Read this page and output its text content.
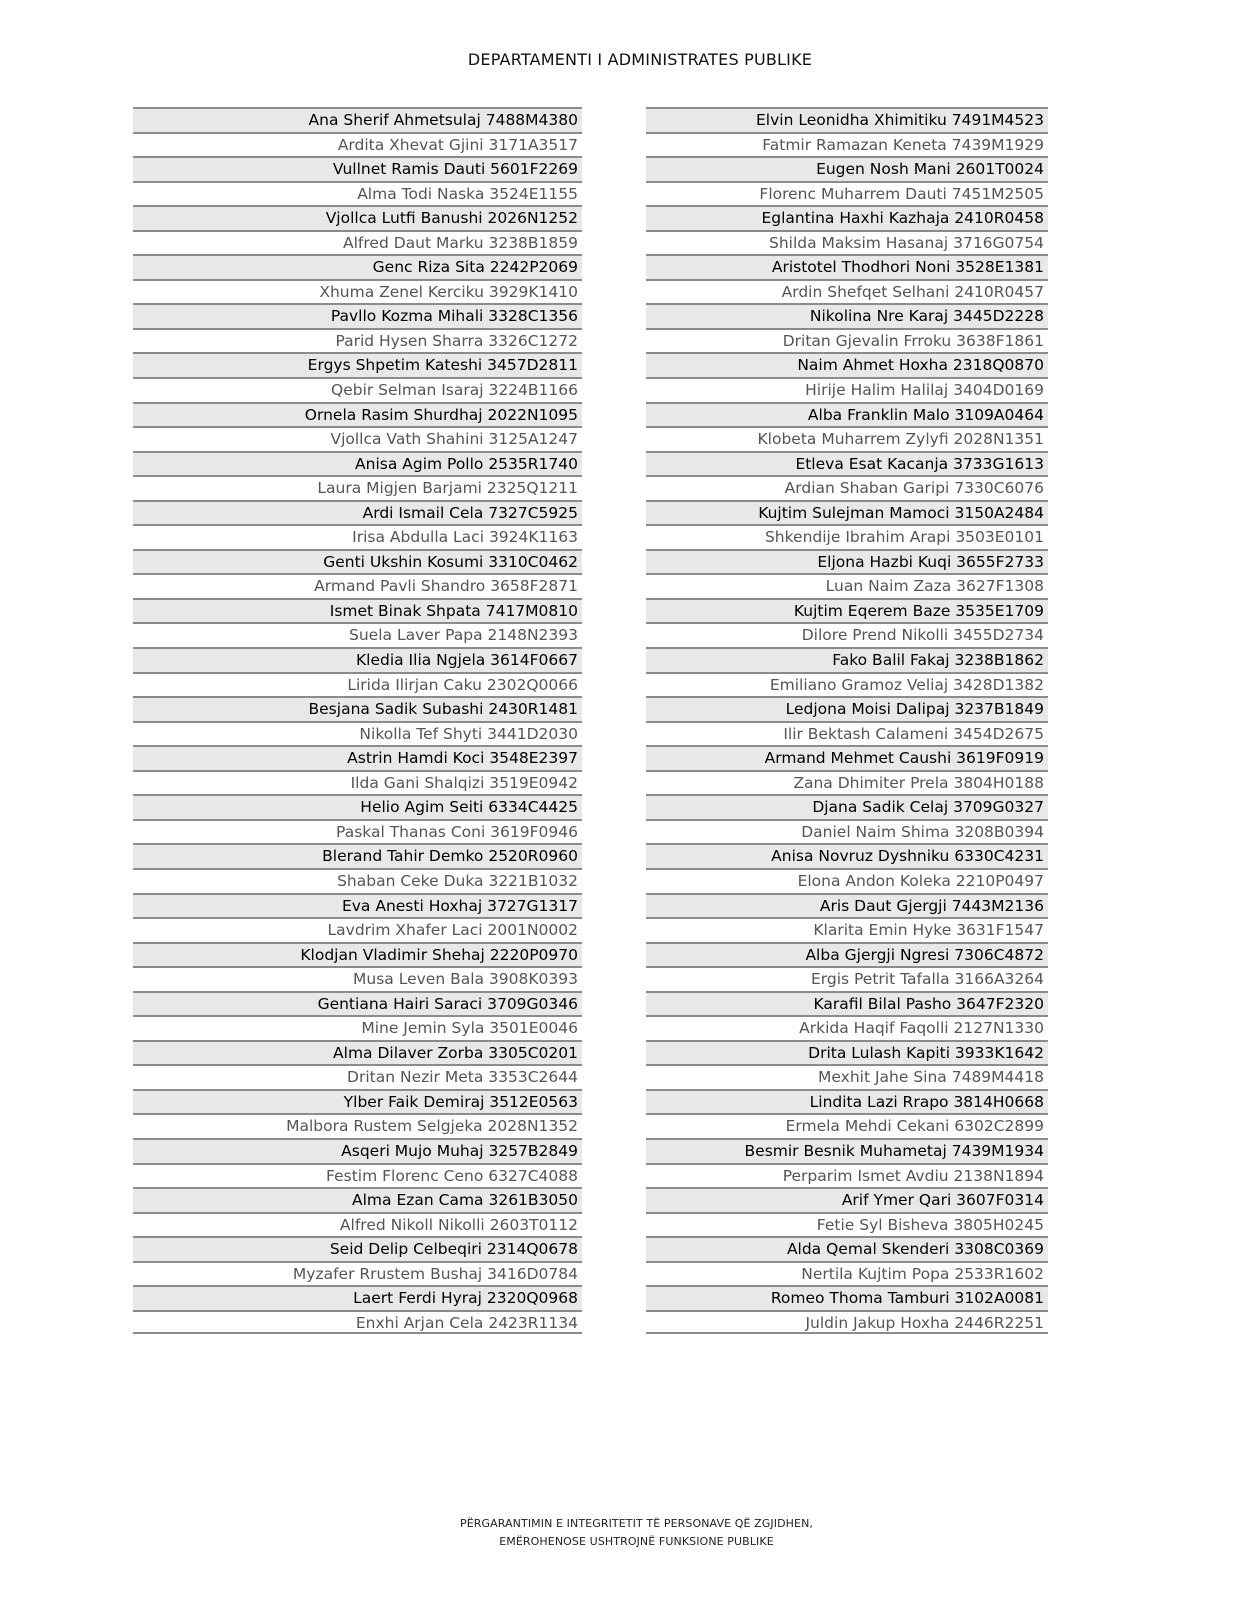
DEPARTAMENTI I ADMINISTRATES PUBLIKE
Ana Sherif Ahmetsulaj 7488M4380
Ardita Xhevat Gjini 3171A3517
Vullnet Ramis Dauti 5601F2269
Alma Todi Naska 3524E1155
Vjollca Lutfi Banushi 2026N1252
Alfred Daut Marku 3238B1859
Genc Riza Sita 2242P2069
Xhuma Zenel Kerciku 3929K1410
Pavllo Kozma Mihali 3328C1356
Parid Hysen Sharra 3326C1272
Ergys Shpetim Kateshi 3457D2811
Qebir Selman Isaraj 3224B1166
Ornela Rasim Shurdhaj 2022N1095
Vjollca Vath Shahini 3125A1247
Anisa Agim Pollo 2535R1740
Laura Migjen Barjami 2325Q1211
Ardi Ismail Cela 7327C5925
Irisa Abdulla Laci 3924K1163
Genti Ukshin Kosumi 3310C0462
Armand Pavli Shandro 3658F2871
Ismet Binak Shpata 7417M0810
Suela Laver Papa 2148N2393
Kledia Ilia Ngjela 3614F0667
Lirida Ilirjan Caku 2302Q0066
Besjana Sadik Subashi 2430R1481
Nikolla Tef Shyti 3441D2030
Astrin Hamdi Koci 3548E2397
Ilda Gani Shalqizi 3519E0942
Helio Agim Seiti 6334C4425
Paskal Thanas Coni 3619F0946
Blerand Tahir Demko 2520R0960
Shaban Ceke Duka 3221B1032
Eva Anesti Hoxhaj 3727G1317
Lavdrim Xhafer Laci 2001N0002
Klodjan Vladimir Shehaj 2220P0970
Musa Leven Bala 3908K0393
Gentiana Hairi Saraci 3709G0346
Mine Jemin Syla 3501E0046
Alma Dilaver Zorba 3305C0201
Dritan Nezir Meta 3353C2644
Ylber Faik Demiraj 3512E0563
Malbora Rustem Selgjeka 2028N1352
Asqeri Mujo Muhaj 3257B2849
Festim Florenc Ceno 6327C4088
Alma Ezan Cama 3261B3050
Alfred Nikoll Nikolli 2603T0112
Seid Delip Celbeqiri 2314Q0678
Myzafer Rrustem Bushaj 3416D0784
Laert Ferdi Hyraj 2320Q0968
Enxhi Arjan Cela 2423R1134
Elvin Leonidha Xhimitiku 7491M4523
Fatmir Ramazan Keneta 7439M1929
Eugen Nosh Mani 2601T0024
Florenc Muharrem Dauti 7451M2505
Eglantina Haxhi Kazhaja 2410R0458
Shilda Maksim Hasanaj 3716G0754
Aristotel Thodhori Noni 3528E1381
Ardin Shefqet Selhani 2410R0457
Nikolina Nre Karaj 3445D2228
Dritan Gjevalin Frroku 3638F1861
Naim Ahmet Hoxha 2318Q0870
Hirije Halim Halilaj 3404D0169
Alba Franklin Malo 3109A0464
Klobeta Muharrem Zylyfi 2028N1351
Etleva Esat Kacanja 3733G1613
Ardian Shaban Garipi 7330C6076
Kujtim Sulejman Mamoci 3150A2484
Shkendije Ibrahim Arapi 3503E0101
Eljona Hazbi Kuqi 3655F2733
Luan Naim Zaza 3627F1308
Kujtim Eqerem Baze 3535E1709
Dilore Prend Nikolli 3455D2734
Fako Balil Fakaj 3238B1862
Emiliano Gramoz Veliaj 3428D1382
Ledjona Moisi Dalipaj 3237B1849
Ilir Bektash Calameni 3454D2675
Armand Mehmet Caushi 3619F0919
Zana Dhimiter Prela 3804H0188
Djana Sadik Celaj 3709G0327
Daniel Naim Shima 3208B0394
Anisa Novruz Dyshniku 6330C4231
Elona Andon Koleka 2210P0497
Aris Daut Gjergji 7443M2136
Klarita Emin Hyke 3631F1547
Alba Gjergji Ngresi 7306C4872
Ergis Petrit Tafalla 3166A3264
Karafil Bilal Pasho 3647F2320
Arkida Haqif Faqolli 2127N1330
Drita Lulash Kapiti 3933K1642
Mexhit Jahe Sina 7489M4418
Lindita Lazi Rrapo 3814H0668
Ermela Mehdi Cekani 6302C2899
Besmir Besnik Muhametaj 7439M1934
Perparim Ismet Avdiu 2138N1894
Arif Ymer Qari 3607F0314
Fetie Syl Bisheva 3805H0245
Alda Qemal Skenderi 3308C0369
Nertila Kujtim Popa 2533R1602
Romeo Thoma Tamburi 3102A0081
Juldin Jakup Hoxha 2446R2251
PËRGARANTIMIN E INTEGRITETIT TË PERSONAVE QË ZGJIDHEN,
EMËROHENOSE USHTROJNË FUNKSIONE PUBLIKE
